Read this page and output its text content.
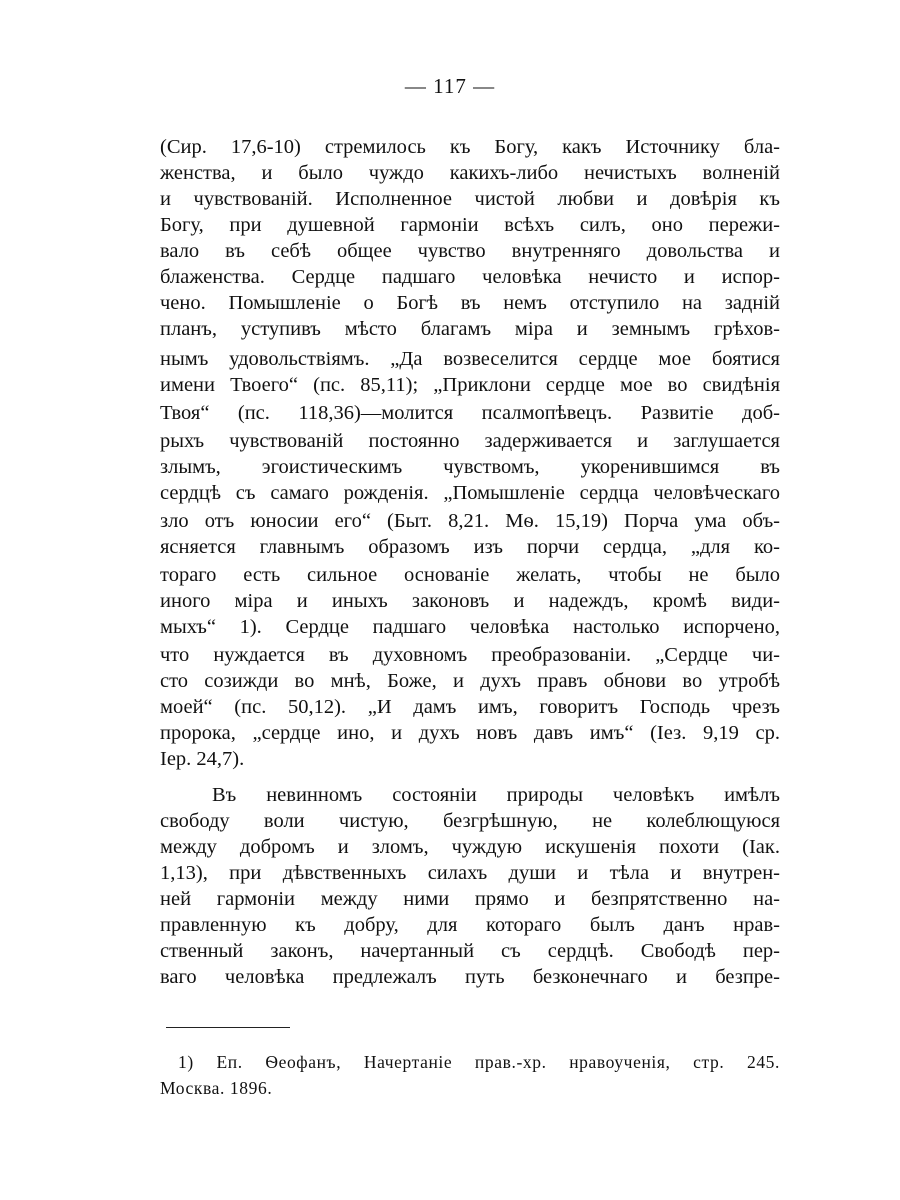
— 117 —
(Сир. 17,6-10) стремилось къ Богу, какъ Источнику бла-
женства, и было чуждо какихъ-либо нечистыхъ волненій
и чувствованій. Исполненное чистой любви и довѣрія къ
Богу, при душевной гармоніи всѣхъ силъ, оно пережи-
вало въ себѣ общее чувство внутренняго довольства и
блаженства. Сердце падшаго человѣка нечисто и испор-
чено. Помышленіе о Богѣ въ немъ отступило на задній
планъ, уступивъ мѣсто благамъ міра и земнымъ грѣхов-
нымъ удовольствіямъ. „Да возвеселится сердце мое боятися
имени Твоего“ (пс. 85,11); „Приклони сердце мое во свидѣнія
Твоя“ (пс. 118,36)—молится псалмопѣвецъ. Развитіе доб-
рыхъ чувствованій постоянно задерживается и заглушается
злымъ, эгоистическимъ чувствомъ, укоренившимся въ
сердцѣ съ самаго рожденія. „Помышленіе сердца человѣческаго
зло отъ юносии его“ (Быт. 8,21. Мѳ. 15,19) Порча ума объ-
ясняется главнымъ образомъ изъ порчи сердца, „для ко-
тораго есть сильное основаніе желать, чтобы не было
иного міра и иныхъ законовъ и надеждъ, кромѣ види-
мыхъ“ 1). Сердце падшаго человѣка настолько испорчено,
что нуждается въ духовномъ преобразованіи. „Сердце чи-
сто созижди во мнѣ, Боже, и духъ правъ обнови во утробѣ
моей“ (пс. 50,12). „И дамъ имъ, говоритъ Господь чрезъ
пророка, „сердце ино, и духъ новъ давъ имъ“ (Iез. 9,19 ср.
Iер. 24,7).
Въ невинномъ состояніи природы человѣкъ имѣлъ
свободу воли чистую, безгрѣшную, не колеблющуюся
между добромъ и зломъ, чуждую искушенія похоти (Iак.
1,13), при дѣвственныхъ силахъ души и тѣла и внутрен-
ней гармоніи между ними прямо и безпрятственно на-
правленную къ добру, для котораго былъ данъ нрав-
ственный законъ, начертанный съ сердцѣ. Свободѣ пер-
ваго человѣка предлежалъ путь безконечнаго и безпре-
1) Еп. Ѳеофанъ, Начертаніе прав.-хр. нравоученія, стр. 245.
Москва. 1896.
